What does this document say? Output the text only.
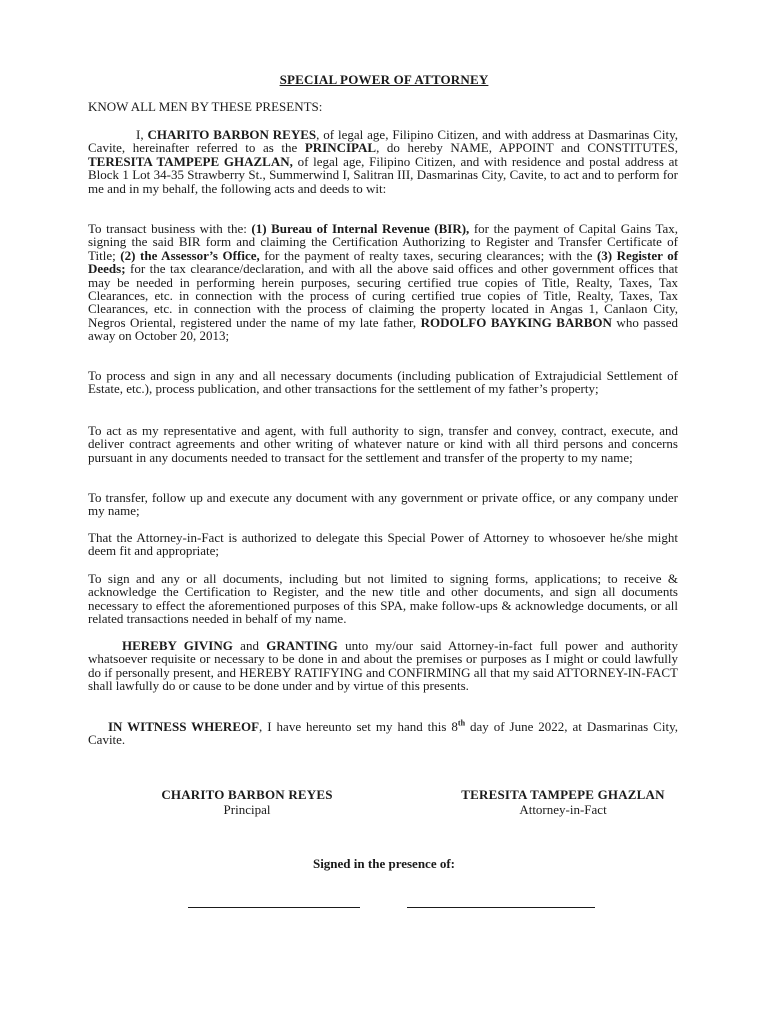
SPECIAL POWER OF ATTORNEY

KNOW ALL MEN BY THESE PRESENTS:

I, CHARITO BARBON REYES, of legal age, Filipino Citizen, and with address at Dasmarinas City, Cavite, hereinafter referred to as the PRINCIPAL, do hereby NAME, APPOINT and CONSTITUTES, TERESITA TAMPEPE GHAZLAN, of legal age, Filipino Citizen, and with residence and postal address at Block 1 Lot 34-35 Strawberry St., Summerwind I, Salitran III, Dasmarinas City, Cavite, to act and to perform for me and in my behalf, the following acts and deeds to wit:

To transact business with the: (1) Bureau of Internal Revenue (BIR), for the payment of Capital Gains Tax, signing the said BIR form and claiming the Certification Authorizing to Register and Transfer Certificate of Title; (2) the Assessor’s Office, for the payment of realty taxes, securing clearances; with the (3) Register of Deeds; for the tax clearance/declaration, and with all the above said offices and other government offices that may be needed in performing herein purposes, securing certified true copies of Title, Realty, Taxes, Tax Clearances, etc. in connection with the process of curing certified true copies of Title, Realty, Taxes, Tax Clearances, etc. in connection with the process of claiming the property located in Angas 1, Canlaon City, Negros Oriental, registered under the name of my late father, RODOLFO BAYKING BARBON who passed away on October 20, 2013;

To process and sign in any and all necessary documents (including publication of Extrajudicial Settlement of Estate, etc.), process publication, and other transactions for the settlement of my father’s property;

To act as my representative and agent, with full authority to sign, transfer and convey, contract, execute, and deliver contract agreements and other writing of whatever nature or kind with all third persons and concerns pursuant in any documents needed to transact for the settlement and transfer of the property to my name;

To transfer, follow up and execute any document with any government or private office, or any company under my name;

That the Attorney-in-Fact is authorized to delegate this Special Power of Attorney to whosoever he/she might deem fit and appropriate;

To sign and any or all documents, including but not limited to signing forms, applications; to receive & acknowledge the Certification to Register, and the new title and other documents, and sign all documents necessary to effect the aforementioned purposes of this SPA, make follow-ups & acknowledge documents, or all related transactions needed in behalf of my name.

HEREBY GIVING and GRANTING unto my/our said Attorney-in-fact full power and authority whatsoever requisite or necessary to be done in and about the premises or purposes as I might or could lawfully do if personally present, and HEREBY RATIFYING and CONFIRMING all that my said ATTORNEY-IN-FACT shall lawfully do or cause to be done under and by virtue of this presents.

IN WITNESS WHEREOF, I have hereunto set my hand this 8th day of June 2022, at Dasmarinas City, Cavite.

CHARITO BARBON REYES
Principal
TERESITA TAMPEPE GHAZLAN
Attorney-in-Fact
Signed in the presence of:
